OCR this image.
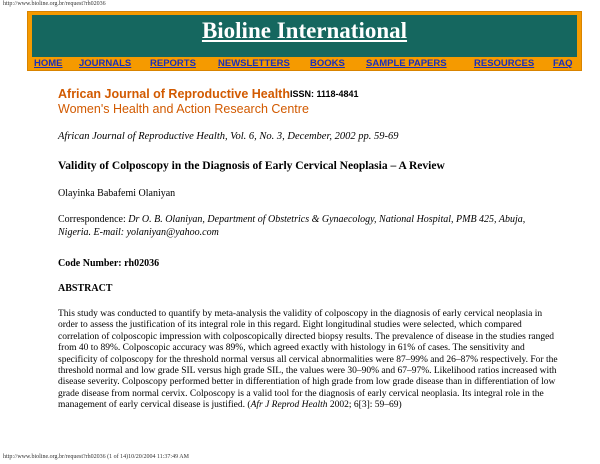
http://www.bioline.org.br/request?rh02036
Bioline International
HOME JOURNALS REPORTS NEWSLETTERS BOOKS SAMPLE PAPERS	RESOURCES FAQ
African Journal of Reproductive Health ISSN: 1118-4841
Women's Health and Action Research Centre
African Journal of Reproductive Health, Vol. 6, No. 3, December, 2002 pp. 59-69
Validity of Colposcopy in the Diagnosis of Early Cervical Neoplasia – A Review
Olayinka Babafemi Olaniyan
Correspondence: Dr O. B. Olaniyan, Department of Obstetrics & Gynaecology, National Hospital, PMB 425, Abuja, Nigeria. E-mail: yolaniyan@yahoo.com
Code Number: rh02036
ABSTRACT
This study was conducted to quantify by meta-analysis the validity of colposcopy in the diagnosis of early cervical neoplasia in order to assess the justification of its integral role in this regard. Eight longitudinal studies were selected, which compared correlation of colposcopic impression with colposcopically directed biopsy results. The prevalence of disease in the studies ranged from 40 to 89%. Colposcopic accuracy was 89%, which agreed exactly with histology in 61% of cases. The sensitivity and specificity of colposcopy for the threshold normal versus all cervical abnormalities were 87–99% and 26–87% respectively. For the threshold normal and low grade SIL versus high grade SIL, the values were 30–90% and 67–97%. Likelihood ratios increased with disease severity. Colposcopy performed better in differentiation of high grade from low grade disease than in differentiation of low grade disease from normal cervix. Colposcopy is a valid tool for the diagnosis of early cervical neoplasia. Its integral role in the management of early cervical disease is justified. (Afr J Reprod Health 2002; 6[3]: 59–69)
http://www.bioline.org.br/request?rh02036 (1 of 14)10/20/2004 11:37:49 AM
